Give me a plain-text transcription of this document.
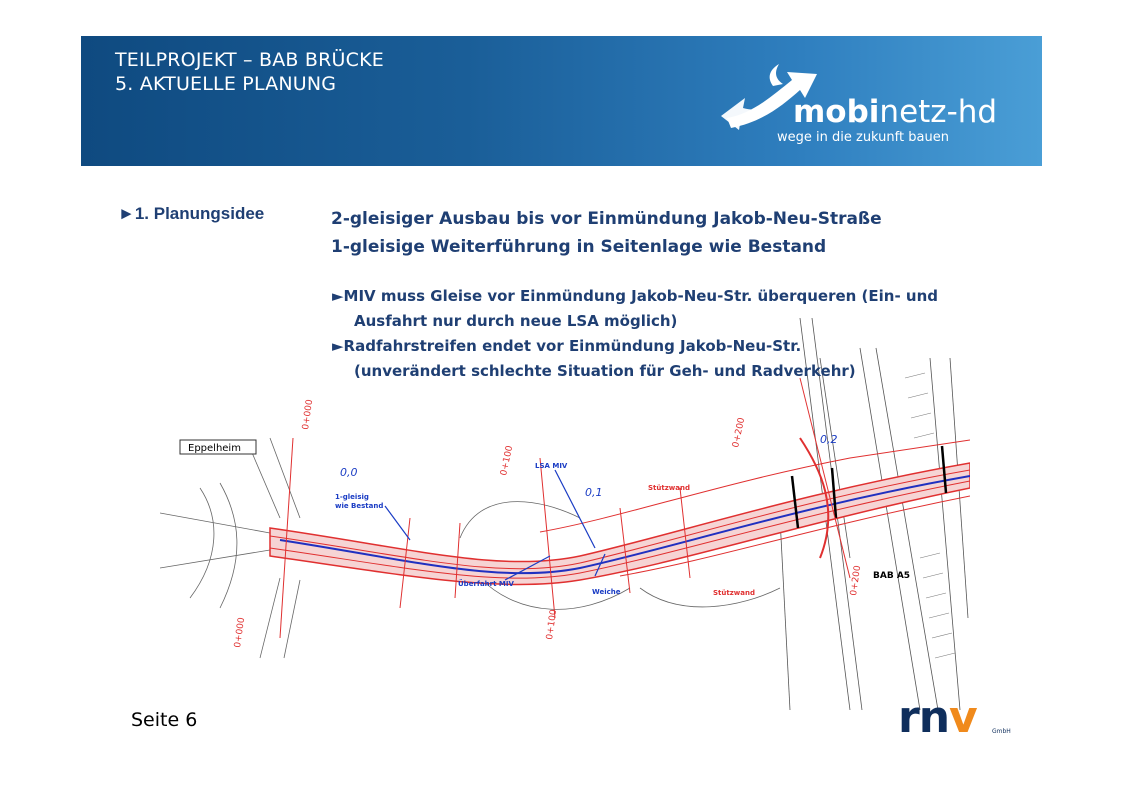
TEILPROJEKT – BAB BRÜCKE
5. AKTUELLE PLANUNG
mobinetz-hd
wege in die zukunft bauen
►1. Planungsidee	2-gleisiger Ausbau bis vor Einmündung Jakob-Neu-Straße
1-gleisige Weiterführung in Seitenlage wie Bestand
Eppelheim
0,0
0,1
0,2
1-gleisig
wie Bestand
LSA MIV
Überfahrt MIV
Weiche
Stützwand
Stützwand
BAB A5
0+000
0+000
0+100
0+100
0+200
0+200
►MIV muss Gleise vor Einmündung Jakob-Neu-Str. überqueren (Ein- und
Ausfahrt nur durch neue LSA möglich)
►Radfahrstreifen endet vor Einmündung Jakob-Neu-Str.
(unverändert schlechte Situation für Geh- und Radverkehr)
Seite 6	rnv	GmbH
